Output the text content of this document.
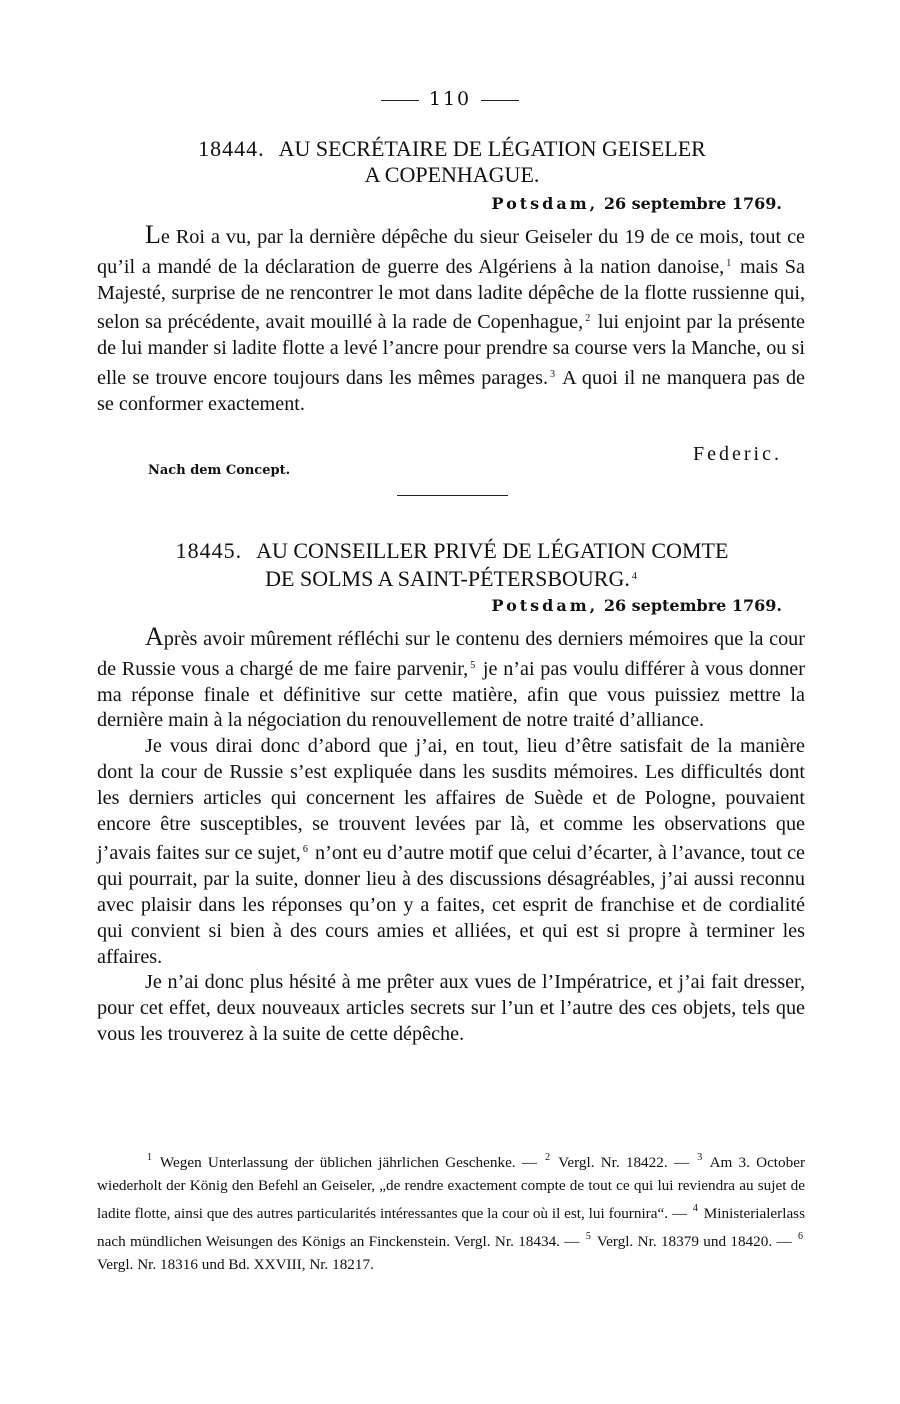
110
18444. AU SECRÉTAIRE DE LÉGATION GEISELER
A COPENHAGUE.
Potsdam, 26 septembre 1769.

Le Roi a vu, par la dernière dépêche du sieur Geiseler du 19 de ce mois, tout ce qu’il a mandé de la déclaration de guerre des Algériens à la nation danoise, $^1$ mais Sa Majesté, surprise de ne rencontrer le mot dans ladite dépêche de la flotte russienne qui, selon sa précédente, avait mouillé à la rade de Copenhague, $^2$ lui enjoint par la présente de lui mander si ladite flotte a levé l’ancre pour prendre sa course vers la Manche, ou si elle se trouve encore toujours dans les mêmes parages. $^3$ A quoi il ne manquera pas de se conformer exactement.

Federic.
Nach dem Concept.
18445. AU CONSEILLER PRIVÉ DE LÉGATION COMTE
DE SOLMS A SAINT-PÉTERSBOURG. $^4$
Potsdam, 26 septembre 1769.

Après avoir mûrement réfléchi sur le contenu des derniers mémoires que la cour de Russie vous a chargé de me faire parvenir, $^5$ je n’ai pas voulu différer à vous donner ma réponse finale et définitive sur cette matière, afin que vous puissiez mettre la dernière main à la négociation du renouvellement de notre traité d’alliance.

Je vous dirai donc d’abord que j’ai, en tout, lieu d’être satisfait de la manière dont la cour de Russie s’est expliquée dans les susdits mémoires. Les difficultés dont les derniers articles qui concernent les affaires de Suède et de Pologne, pouvaient encore être susceptibles, se trouvent levées par là, et comme les observations que j’avais faites sur ce sujet, $^6$ n’ont eu d’autre motif que celui d’écarter, à l’avance, tout ce qui pourrait, par la suite, donner lieu à des discussions désagréables, j’ai aussi reconnu avec plaisir dans les réponses qu’on y a faites, cet esprit de franchise et de cordialité qui convient si bien à des cours amies et alliées, et qui est si propre à terminer les affaires.

Je n’ai donc plus hésité à me prêter aux vues de l’Impératrice, et j’ai fait dresser, pour cet effet, deux nouveaux articles secrets sur l’un et l’autre des ces objets, tels que vous les trouverez à la suite de cette dépêche.

$^1$ Wegen Unterlassung der üblichen jährlichen Geschenke. — $^2$ Vergl. Nr. 18422. — $^3$ Am 3. October wiederholt der König den Befehl an Geiseler, „de rendre exactement compte de tout ce qui lui reviendra au sujet de ladite flotte, ainsi que des autres particularités intéressantes que la cour où il est, lui fournira“. — $^4$ Ministerialerlass nach mündlichen Weisungen des Königs an Finckenstein. Vergl. Nr. 18434. — $^5$ Vergl. Nr. 18379 und 18420. — $^6$ Vergl. Nr. 18316 und Bd. XXVIII, Nr. 18217.
